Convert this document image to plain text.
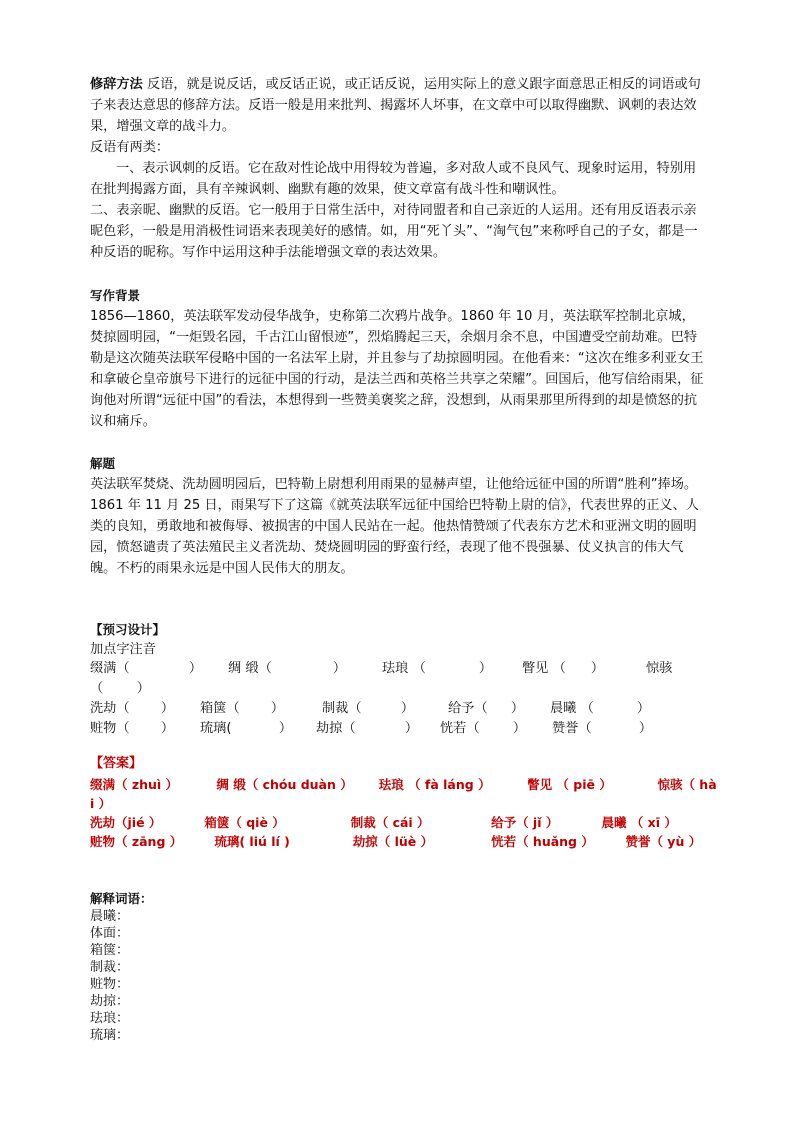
修辞方法 反语，就是说反话，或反话正说，或正话反说，运用实际上的意义跟字面意思正相反的词语或句子来表达意思的修辞方法。反语一般是用来批判、揭露坏人坏事，在文章中可以取得幽默、讽刺的表达效果，增强文章的战斗力。

反语有两类：

一、表示讽刺的反语。它在敌对性论战中用得较为普遍，多对敌人或不良风气、现象时运用，特别用在批判揭露方面，具有辛辣讽刺、幽默有趣的效果，使文章富有战斗性和嘲讽性。

二、表亲昵、幽默的反语。它一般用于日常生活中，对待同盟者和自己亲近的人运用。还有用反语表示亲昵色彩，一般是用消极性词语来表现美好的感情。如，用“死丫头”、“淘气包”来称呼自己的子女，都是一种反语的昵称。写作中运用这种手法能增强文章的表达效果。

写作背景

1856—1860，英法联军发动侵华战争，史称第二次鸦片战争。1860 年 10 月，英法联军控制北京城，焚掠圆明园，“一炬毁名园，千古江山留恨迹”，烈焰腾起三天，余烟月余不息，中国遭受空前劫难。巴特勒是这次随英法联军侵略中国的一名法军上尉，并且参与了劫掠圆明园。在他看来：“这次在维多利亚女王和拿破仑皇帝旗号下进行的远征中国的行动，是法兰西和英格兰共享之荣耀”。回国后，他写信给雨果，征询他对所谓“远征中国”的看法，本想得到一些赞美褒奖之辞，没想到，从雨果那里所得到的却是愤怒的抗议和痛斥。

解题

英法联军焚烧、洗劫圆明园后，巴特勒上尉想利用雨果的显赫声望，让他给远征中国的所谓“胜利”捧场。1861 年 11 月 25 日，雨果写下了这篇《就英法联军远征中国给巴特勒上尉的信》，代表世界的正义、人类的良知，勇敢地和被侮辱、被损害的中国人民站在一起。他热情赞颂了代表东方艺术和亚洲文明的圆明园，愤怒谴责了英法殖民主义者洗劫、焚烧圆明园的野蛮行经，表现了他不畏强暴、仗义执言的伟大气魄。不朽的雨果永远是中国人民伟大的朋友。

【预习设计】

加点字注音

缀满（	） 绸 缎（	）	珐琅 （	） 瞥见 （	）	惊骇
（        ）
洗劫（	） 箱箧（	）	制裁（	）	给予（	） 晨曦 （	）
赃物（	） 琉璃(	） 劫掠（	） 恍若（	） 赞誉（	）

【答案】

缀满（ zhuì ）	绸 缎（ chóu duàn ） 珐琅 （ fà láng ）	瞥见 （ piē ）	惊骇（ hà
i ）
洗劫（jié ）	箱箧（ qiè ）	制裁（ cái ）	给予（ jǐ ）	晨曦 （ xī ）
赃物（ zāng ）	琉璃( liú lí )	劫掠（ lüè ）	恍若（ huǎng ）	赞誉（ yù ）

解释词语：

晨曦：
体面：
箱箧：
制裁：
赃物：
劫掠：
珐琅：
琉璃：
